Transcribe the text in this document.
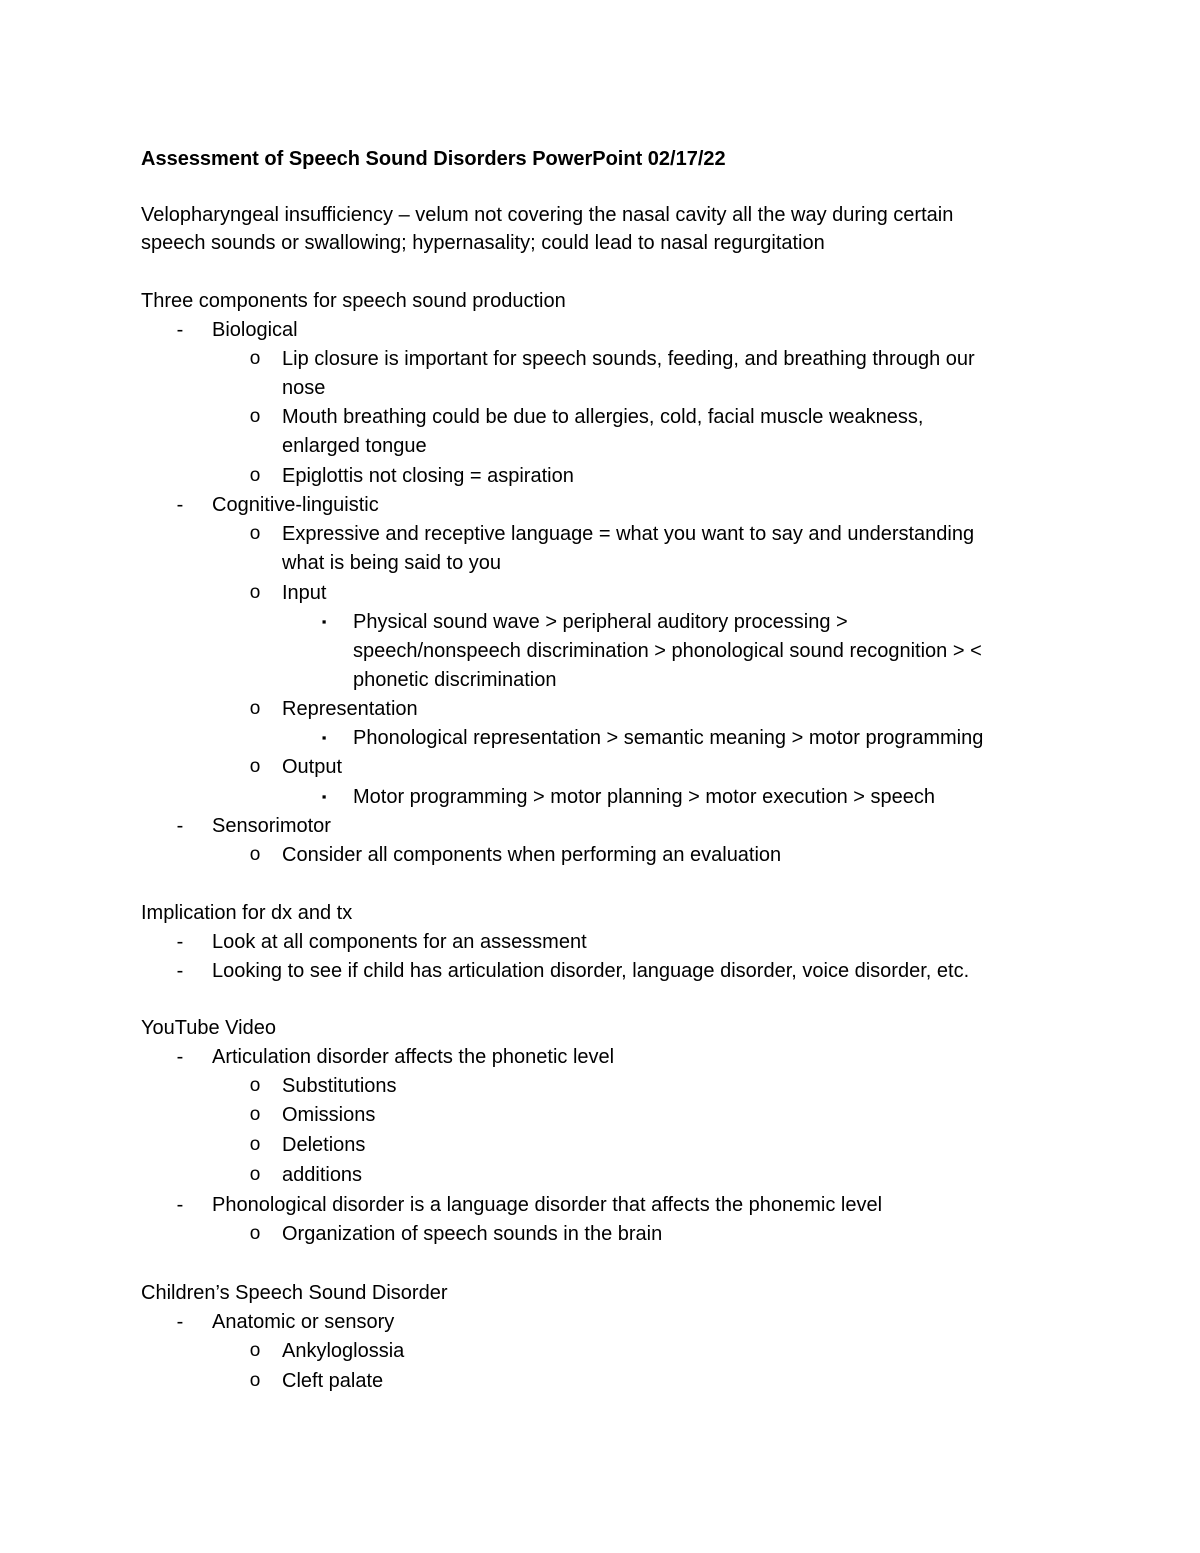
Assessment of Speech Sound Disorders PowerPoint 02/17/22
Velopharyngeal insufficiency – velum not covering the nasal cavity all the way during certain
speech sounds or swallowing; hypernasality; could lead to nasal regurgitation
Three components for speech sound production
- Biological
o Lip closure is important for speech sounds, feeding, and breathing through our
nose
o Mouth breathing could be due to allergies, cold, facial muscle weakness,
enlarged tongue
o Epiglottis not closing = aspiration
- Cognitive-linguistic
o Expressive and receptive language = what you want to say and understanding
what is being said to you
o Input
▪ Physical sound wave > peripheral auditory processing >
speech/nonspeech discrimination > phonological sound recognition > <
phonetic discrimination
o Representation
▪ Phonological representation > semantic meaning > motor programming
o Output
▪ Motor programming > motor planning > motor execution > speech
- Sensorimotor
o Consider all components when performing an evaluation
Implication for dx and tx
- Look at all components for an assessment
- Looking to see if child has articulation disorder, language disorder, voice disorder, etc.
YouTube Video
- Articulation disorder affects the phonetic level
o Substitutions
o Omissions
o Deletions
o additions
- Phonological disorder is a language disorder that affects the phonemic level
o Organization of speech sounds in the brain
Children’s Speech Sound Disorder
- Anatomic or sensory
o Ankyloglossia
o Cleft palate
